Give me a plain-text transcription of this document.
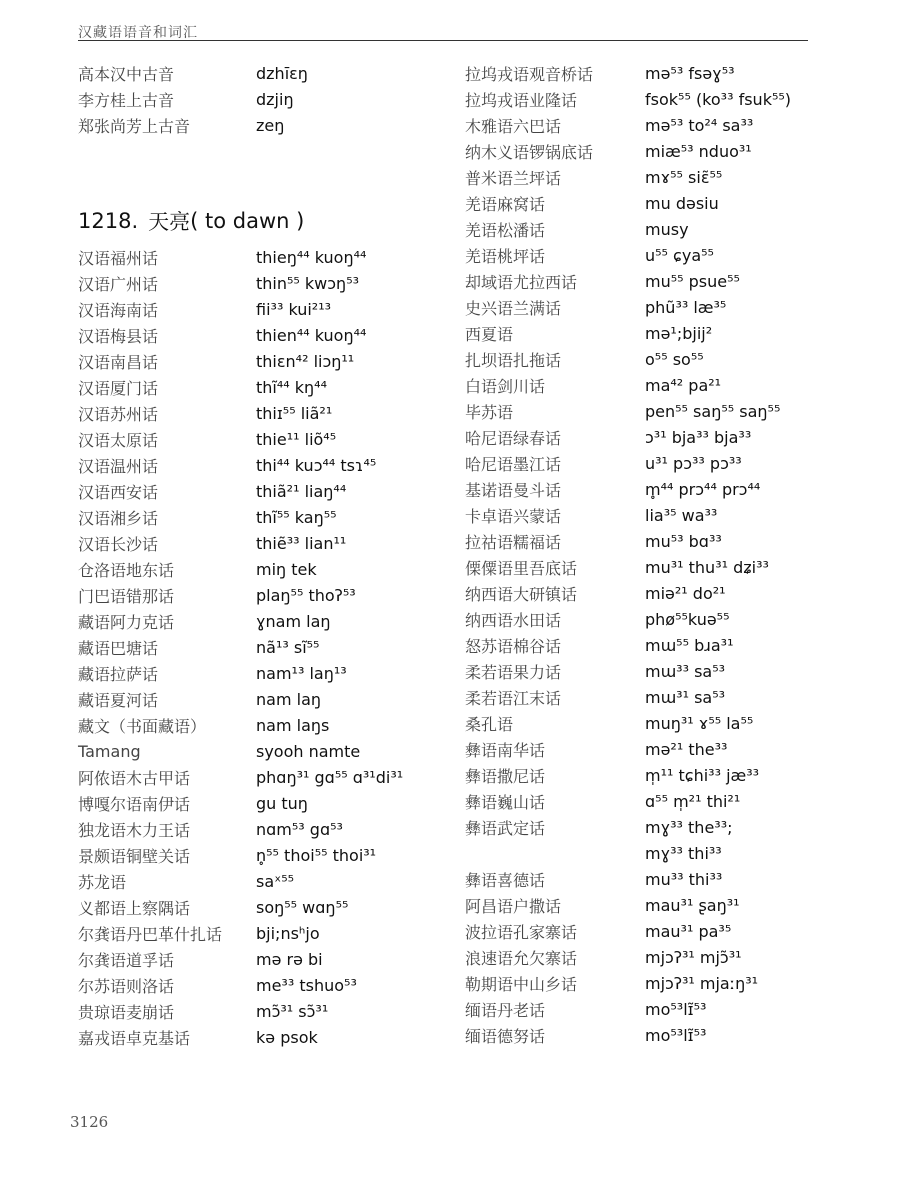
汉藏语语音和词汇
高本汉中古音	dzhīɛŋ
李方桂上古音	dzjiŋ
郑张尚芳上古音	zeŋ
1218. 天亮 ( to dawn )
汉语福州话	thieŋ⁴⁴ kuoŋ⁴⁴
汉语广州话	thin⁵⁵ kwɔŋ⁵³
汉语海南话	fii³³ kui²¹³
汉语梅县话	thien⁴⁴ kuoŋ⁴⁴
汉语南昌话	thiɛn⁴² liɔŋ¹¹
汉语厦门话	thĩ⁴⁴ kŋ⁴⁴
汉语苏州话	thiɪ⁵⁵ liã²¹
汉语太原话	thie¹¹ liõ⁴⁵
汉语温州话	thi⁴⁴ kuɔ⁴⁴ tsɿ⁴⁵
汉语西安话	thiã²¹ liaŋ⁴⁴
汉语湘乡话	thĩ⁵⁵ kaŋ⁵⁵
汉语长沙话	thiẽ³³ lian¹¹
仓洛语地东话	miŋ tek
门巴语错那话	plaŋ⁵⁵ thoʔ⁵³
藏语阿力克话	ɣnam laŋ
藏语巴塘话	nã¹³ sĩ⁵⁵
藏语拉萨话	nam¹³ laŋ¹³
藏语夏河话	nam laŋ
藏文（书面藏语）	nam laŋs
Tamang	syooh namte
阿侬语木古甲话	phɑŋ³¹ gɑ⁵⁵ ɑ³¹di³¹
博嘎尔语南伊话	gu tuŋ
独龙语木力王话	nɑm⁵³ gɑ⁵³
景颇语铜壁关话	n̥⁵⁵ thoi⁵⁵ thoi³¹
苏龙语	saˣ⁵⁵
义都语上察隅话	soŋ⁵⁵ wɑŋ⁵⁵
尔龚语丹巴革什扎话	bji;nsʰjo
尔龚语道孚话	mə rə bi
尔苏语则洛话	me³³ tshuo⁵³
贵琼语麦崩话	mɔ̃³¹ sɔ̃³¹
嘉戎语卓克基话	kə psok
拉坞戎语观音桥话	mə⁵³ fsəɣ⁵³
拉坞戎语业隆话	fsok⁵⁵ (ko³³ fsuk⁵⁵)
木雅语六巴话	mə⁵³ to²⁴ sa³³
纳木义语锣锅底话	miæ⁵³ nduo³¹
普米语兰坪话	mɤ⁵⁵ siɛ̃⁵⁵
羌语麻窝话	mu dəsiu
羌语松潘话	musy
羌语桃坪话	u⁵⁵ ɕya⁵⁵
却域语尤拉西话	mu⁵⁵ psue⁵⁵
史兴语兰满话	phũ³³ læ³⁵
西夏语	mə¹;bjij²
扎坝语扎拖话	o⁵⁵ so⁵⁵
白语剑川话	ma⁴² pa²¹
毕苏语	pen⁵⁵ saŋ⁵⁵ saŋ⁵⁵
哈尼语绿春话	ɔ³¹ bja³³ bja³³
哈尼语墨江话	u³¹ pɔ³³ pɔ³³
基诺语曼斗话	m̥⁴⁴ prɔ⁴⁴ prɔ⁴⁴
卡卓语兴蒙话	lia³⁵ wa³³
拉祜语糯福话	mu⁵³ bɑ³³
傈僳语里吾底话	mu³¹ thu³¹ dʑi³³
纳西语大研镇话	miə²¹ do²¹
纳西语水田话	phø⁵⁵kuə⁵⁵
怒苏语棉谷话	mɯ⁵⁵ bɹa³¹
柔若语果力话	mɯ³³ sa⁵³
柔若语江末话	mɯ³¹ sa⁵³
桑孔语	muŋ³¹ ɤ⁵⁵ la⁵⁵
彝语南华话	mə²¹ the³³
彝语撒尼话	m̩¹¹ tɕhi³³ jæ³³
彝语巍山话	ɑ⁵⁵ m̩²¹ thi²¹
彝语武定话	mɣ³³ the³³;
mɣ³³ thi³³
彝语喜德话	mu³³ thi³³
阿昌语户撒话	mau³¹ ʂaŋ³¹
波拉语孔家寨话	mau³¹ pa³⁵
浪速语允欠寨话	mjɔʔ³¹ mjɔ̃³¹
勒期语中山乡话	mjɔʔ³¹ mjaːŋ³¹
缅语丹老话	mo⁵³lɪ̃⁵³
缅语德努话	mo⁵³lɪ̃⁵³
3126
